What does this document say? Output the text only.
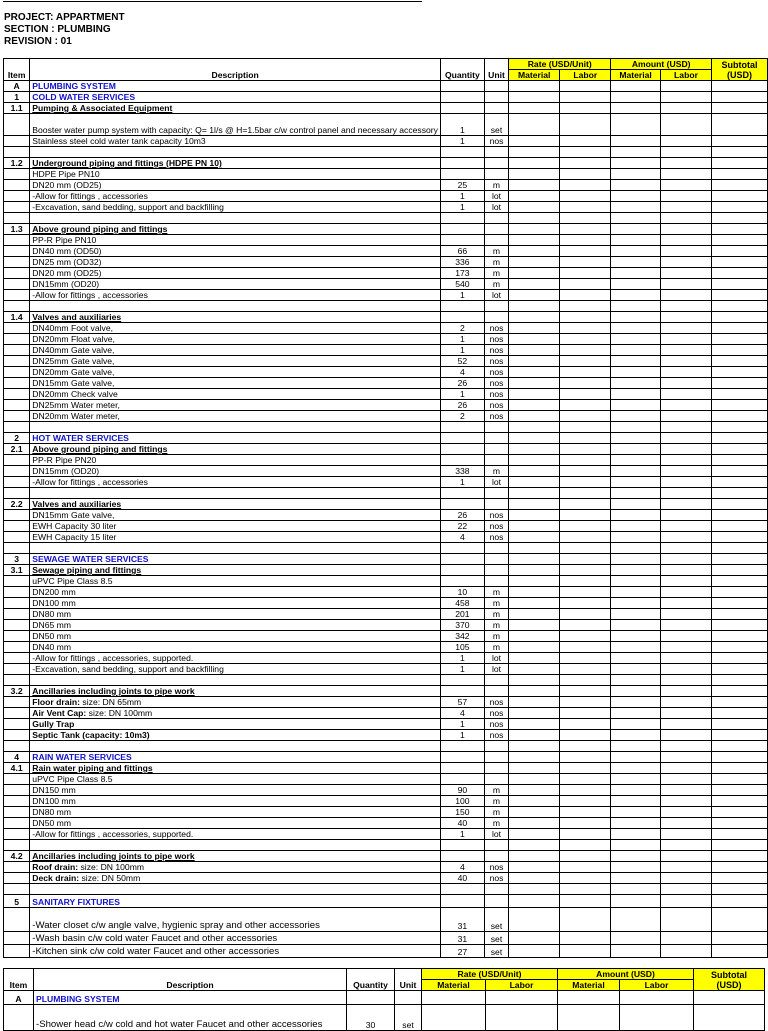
PROJECT: APPARTMENT
SECTION : PLUMBING
REVISION : 01
Item	Description	Quantity	Unit	Rate (USD/Unit)		Amount (USD)		Subtotal
(USD)

				Material	Labor	Material	Labor	
A	PLUMBING SYSTEM							
1	COLD WATER SERVICES							
1.1	Pumping & Associated Equipment							
	Booster water pump system with capacity: Q= 1l/s @ H=1.5bar c/w control panel and necessary accessory	1	set					
	Stainless steel cold water tank capacity 10m3	1	nos					

1.2	Underground piping and fittings (HDPE PN 10)							
	HDPE Pipe PN10							
	DN20 mm (OD25)	25	m					
	-Allow for fittings , accessories	1	lot					
	-Excavation, sand bedding, support and backfilling	1	lot					

1.3	Above ground piping and fittings							
	PP-R Pipe PN10							
	DN40 mm (OD50)	66	m					
	DN25 mm (OD32)	336	m					
	DN20 mm (OD25)	173	m					
	DN15mm (OD20)	540	m					
	-Allow for fittings , accessories	1	lot					

1.4	Valves and auxiliaries							
	DN40mm Foot valve,	2	nos					
	DN20mm Float valve,	1	nos					
	DN40mm Gate valve,	1	nos					
	DN25mm Gate valve,	52	nos					
	DN20mm Gate valve,	4	nos					
	DN15mm Gate valve,	26	nos					
	DN20mm Check valve	1	nos					
	DN25mm Water meter,	26	nos					
	DN20mm Water meter,	2	nos					

2	HOT WATER SERVICES							
2.1	Above ground piping and fittings							
	PP-R Pipe PN20							
	DN15mm (OD20)	338	m					
	-Allow for fittings , accessories	1	lot					

2.2	Valves and auxiliaries							
	DN15mm Gate valve,	26	nos					
	EWH Capacity 30 liter	22	nos					
	EWH Capacity 15 liter	4	nos					

3	SEWAGE WATER SERVICES							
3.1	Sewage piping and fittings							
	uPVC Pipe Class 8.5							
	DN200 mm	10	m					
	DN100 mm	458	m					
	DN80 mm	201	m					
	DN65 mm	370	m					
	DN50 mm	342	m					
	DN40 mm	105	m					
	-Allow for fittings , accessories, supported.	1	lot					
	-Excavation, sand bedding, support and backfilling	1	lot					

3.2	Ancillaries including joints to pipe work							
	Floor drain: size: DN 65mm	57	nos					
	Air Vent Cap: size: DN 100mm	4	nos					
	Gully Trap	1	nos					
	Septic Tank (capacity: 10m3)	1	nos					

4	RAIN WATER SERVICES							
4.1	Rain water piping and fittings							
	uPVC Pipe Class 8.5							
	DN150 mm	90	m					
	DN100 mm	100	m					
	DN80 mm	150	m					
	DN50 mm	40	m					
	-Allow for fittings , accessories, supported.	1	lot					

4.2	Ancillaries including joints to pipe work							
	Roof drain: size: DN 100mm	4	nos					
	Deck drain: size: DN 50mm	40	nos					

5	SANITARY FIXTURES							
	-Water closet c/w angle valve, hygienic spray and other accessories	31	set					
	-Wash basin c/w cold water Faucet and other accessories	31	set					
	-Kitchen sink c/w cold water Faucet and other accessories	27	set					
Item	Description	Quantity	Unit	Rate (USD/Unit)		Amount (USD)		Subtotal
(USD)

				Material	Labor	Material	Labor	
A	PLUMBING SYSTEM							
	-Shower head c/w cold and hot water Faucet and other accessories	30	set					
